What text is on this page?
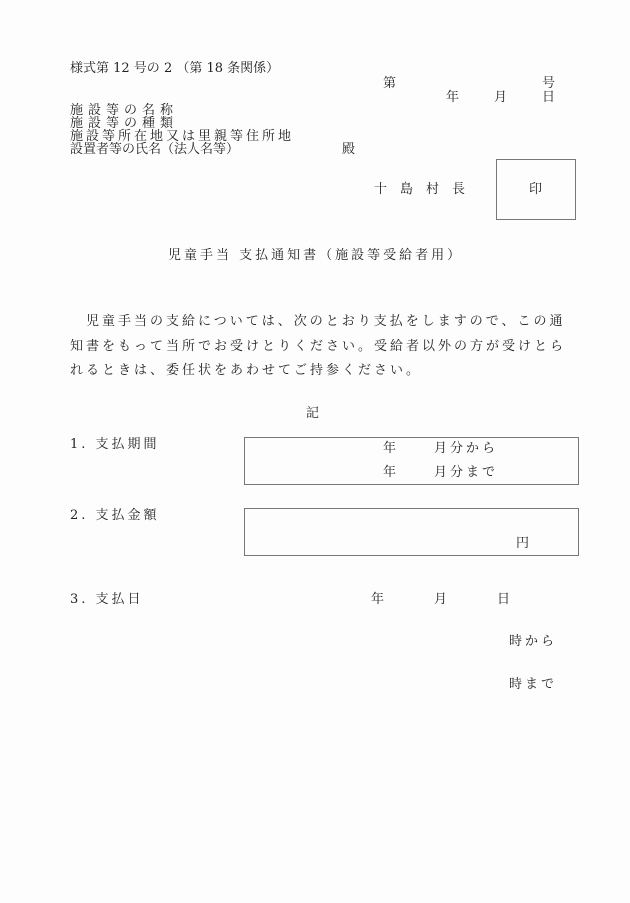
様式第 12 号の 2 （第 18 条関係）
第	号
年	月	日
施設等の名称
施設等の種類
施設等所在地又は里親等住所地
設置者等の氏名（法人名等）	殿
十　島　村　長	印
児童手当 支払通知書（施設等受給者用）
児童手当の支給については、次のとおり支払をしますので、この通
知書をもって当所でお受けとりください。受給者以外の方が受けとら
れるときは、委任状をあわせてご持参ください。
記
1. 支払期間	年	月分から
年	月分まで
2. 支払金額
円
3. 支払日	年	月	日
時から
時まで
